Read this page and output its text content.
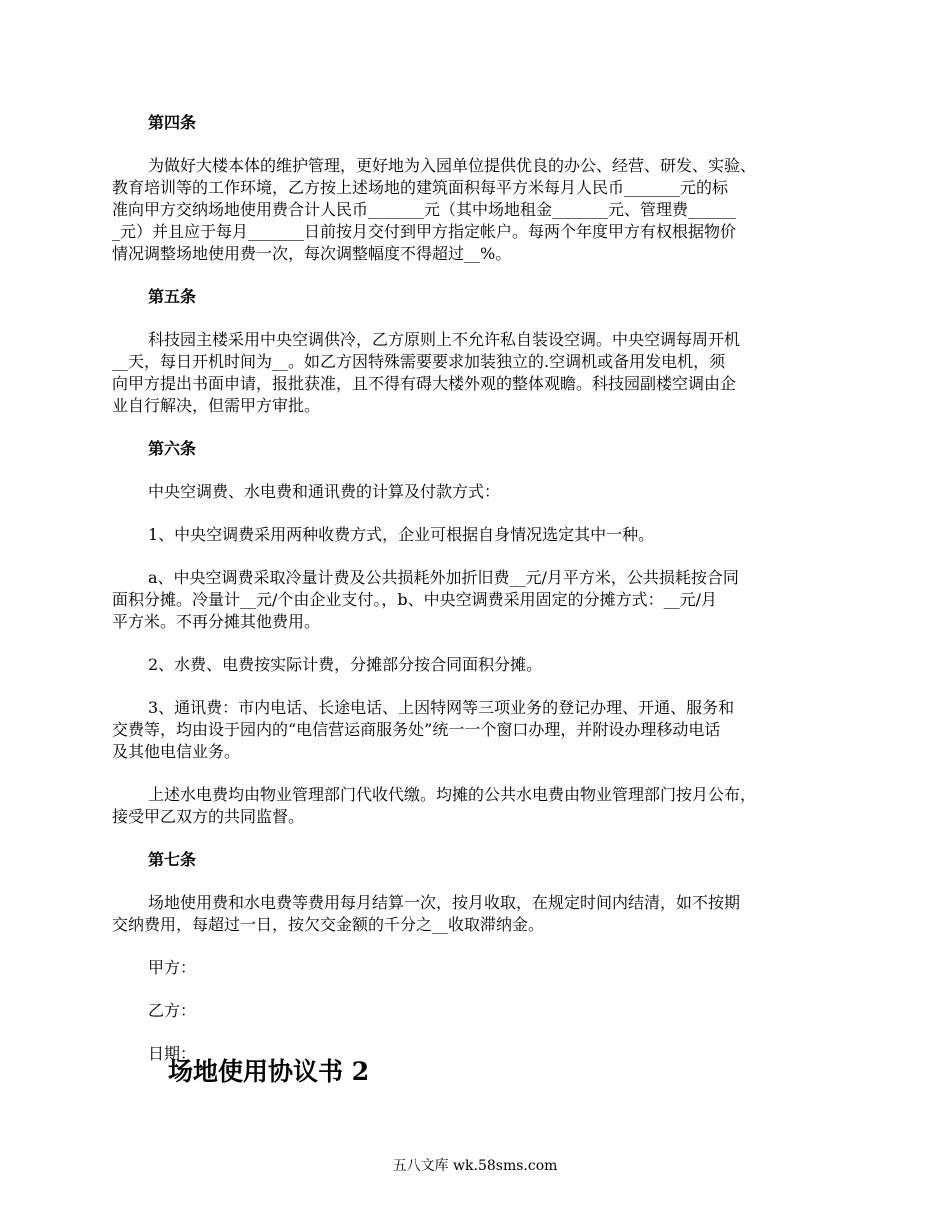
第四条
为做好大楼本体的维护管理，更好地为入园单位提供优良的办公、经营、研发、实验、
教育培训等的工作环境，乙方按上述场地的建筑面积每平方米每月人民币_______元的标
准向甲方交纳场地使用费合计人民币_______元（其中场地租金_______元、管理费______
_元）并且应于每月_______日前按月交付到甲方指定帐户。每两个年度甲方有权根据物价
情况调整场地使用费一次，每次调整幅度不得超过__%。
第五条
科技园主楼采用中央空调供冷，乙方原则上不允许私自装设空调。中央空调每周开机
__天，每日开机时间为__。如乙方因特殊需要要求加装独立的.空调机或备用发电机，须
向甲方提出书面申请，报批获准，且不得有碍大楼外观的整体观瞻。科技园副楼空调由企
业自行解决，但需甲方审批。
第六条
中央空调费、水电费和通讯费的计算及付款方式：
1、中央空调费采用两种收费方式，企业可根据自身情况选定其中一种。
a、中央空调费采取冷量计费及公共损耗外加折旧费__元/月平方米，公共损耗按合同
面积分摊。冷量计__元/个由企业支付。，b、中央空调费采用固定的分摊方式：__元/月
平方米。不再分摊其他费用。
2、水费、电费按实际计费，分摊部分按合同面积分摊。
3、通讯费：市内电话、长途电话、上因特网等三项业务的登记办理、开通、服务和
交费等，均由设于园内的“电信营运商服务处”统一一个窗口办理，并附设办理移动电话
及其他电信业务。
上述水电费均由物业管理部门代收代缴。均摊的公共水电费由物业管理部门按月公布，
接受甲乙双方的共同监督。
第七条
场地使用费和水电费等费用每月结算一次，按月收取，在规定时间内结清，如不按期
交纳费用，每超过一日，按欠交金额的千分之__收取滞纳金。
甲方：
乙方：
日期：
场地使用协议书 2
五八文库 wk.58sms.com
